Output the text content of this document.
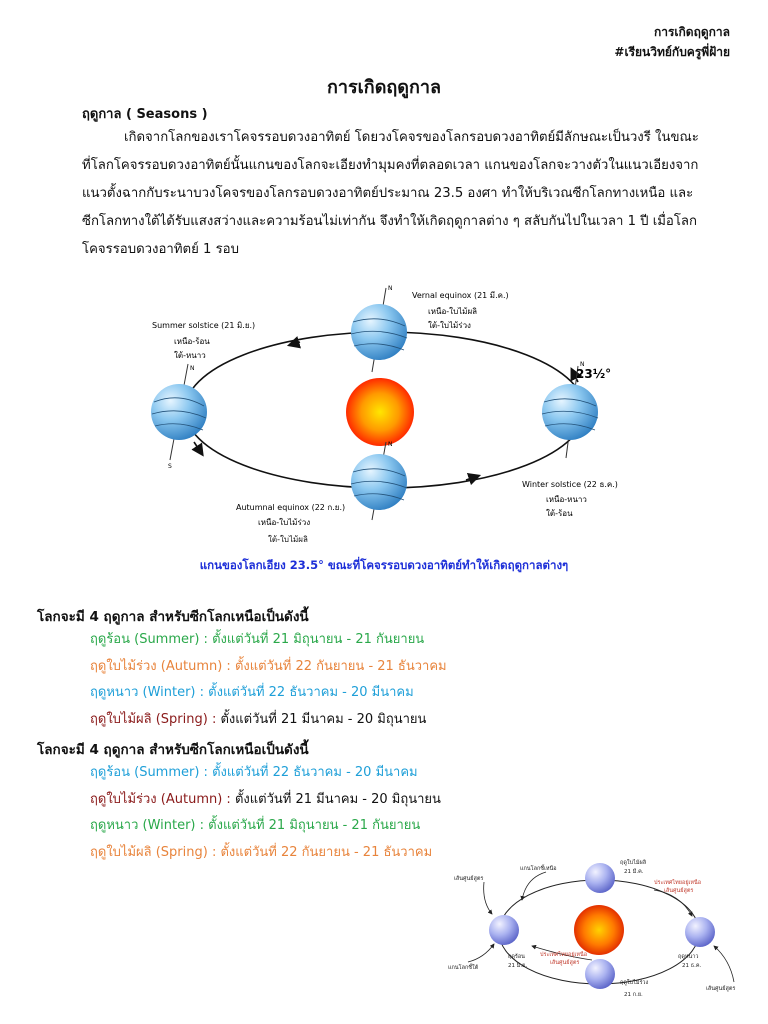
การเกิดฤดูกาล
#เรียนวิทย์กับครูพี่ฝ้าย
การเกิดฤดูกาล
ฤดูกาล ( Seasons )

เกิดจากโลกของเราโคจรรอบดวงอาทิตย์ โดยวงโคจรของโลกรอบดวงอาทิตย์มีลักษณะเป็นวงรี ในขณะที่โลกโคจรรอบดวงอาทิตย์นั้นแกนของโลกจะเอียงทำมุมคงที่ตลอดเวลา แกนของโลกจะวางตัวในแนวเอียงจากแนวตั้งฉากกับระนาบวงโคจรของโลกรอบดวงอาทิตย์ประมาณ 23.5 องศา ทำให้บริเวณซีกโลกทางเหนือ และซีกโลกทางใต้ได้รับแสงสว่างและความร้อนไม่เท่ากัน จึงทำให้เกิดฤดูกาลต่าง ๆ สลับกันไปในเวลา 1 ปี เมื่อโลกโคจรรอบดวงอาทิตย์ 1 รอบ

N
S
Summer solstice (21 มิ.ย.)
เหนือ-ร้อน
ใต้-หนาว
N
Vernal equinox (21 มี.ค.)
เหนือ-ใบไม้ผลิ
ใต้-ใบไม้ร่วง
N
23½°
Winter solstice (22 ธ.ค.)
เหนือ-หนาว
ใต้-ร้อน
N
Autumnal equinox (22 ก.ย.)
เหนือ-ใบไม้ร่วง
ใต้-ใบไม้ผลิ
แกนของโลกเอียง 23.5° ขณะที่โคจรรอบดวงอาทิตย์ทำให้เกิดฤดูกาลต่างๆ
โลกจะมี 4 ฤดูกาล สำหรับซีกโลกเหนือเป็นดังนี้
ฤดูร้อน (Summer) : ตั้งแต่วันที่ 21 มิถุนายน - 21 กันยายน
ฤดูใบไม้ร่วง (Autumn) : ตั้งแต่วันที่ 22 กันยายน - 21 ธันวาคม
ฤดูหนาว (Winter) : ตั้งแต่วันที่ 22 ธันวาคม - 20 มีนาคม
ฤดูใบไม้ผลิ (Spring) : ตั้งแต่วันที่ 21 มีนาคม - 20 มิถุนายน
โลกจะมี 4 ฤดูกาล สำหรับซีกโลกเหนือเป็นดังนี้
ฤดูร้อน (Summer) : ตั้งแต่วันที่ 22 ธันวาคม - 20 มีนาคม
ฤดูใบไม้ร่วง (Autumn) : ตั้งแต่วันที่ 21 มีนาคม - 20 มิถุนายน
ฤดูหนาว (Winter) : ตั้งแต่วันที่ 21 มิถุนายน - 21 กันยายน
ฤดูใบไม้ผลิ (Spring) : ตั้งแต่วันที่ 22 กันยายน - 21 ธันวาคม
แกนโลกชี้เหนือ
เส้นศูนย์สูตร
แกนโลกชี้ใต้
ประเทศไทยอยู่เหนือ
เส้นศูนย์สูตร
ประเทศไทยอยู่เหนือ
เส้นศูนย์สูตร
เส้นศูนย์สูตร
ฤดูใบไม้ผลิ
21 มี.ค.
ฤดูร้อน
21 มิ.ย.
ฤดูหนาว
21 ธ.ค.
ฤดูใบไม้ร่วง
21 ก.ย.
